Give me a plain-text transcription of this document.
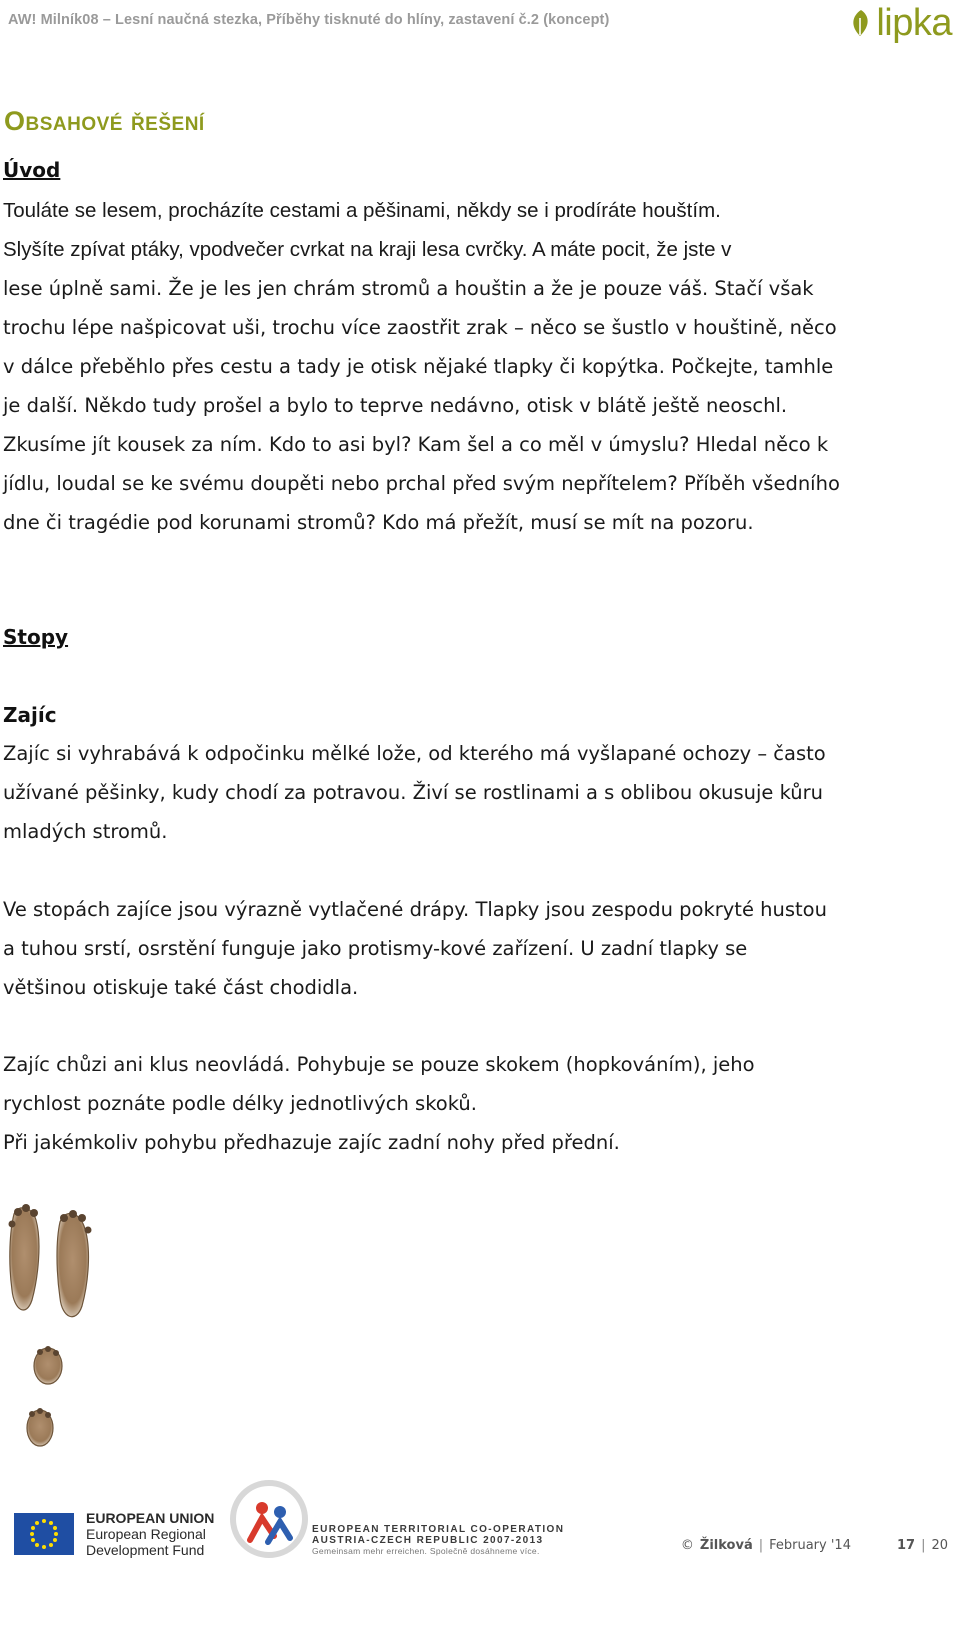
AW! Milník08 – Lesní naučná stezka, Příběhy tisknuté do hlíny, zastavení č.2 (koncept)	lipka
Obsahové řešení
Úvod
Touláte se lesem, procházíte cestami a pěšinami, někdy se i prodíráte houštím.
Slyšíte zpívat ptáky, vpodvečer cvrkat na kraji lesa cvrčky. A máte pocit, že jste v
lese úplně sami. Že je les jen chrám stromů a houštin a že je pouze váš. Stačí však
trochu lépe našpicovat uši, trochu více zaostřit zrak – něco se šustlo v houštině, něco
v dálce přeběhlo přes cestu a tady je otisk nějaké tlapky či kopýtka. Počkejte, tamhle
je další. Někdo tudy prošel a bylo to teprve nedávno, otisk v blátě ještě neoschl.
Zkusíme jít kousek za ním. Kdo to asi byl? Kam šel a co měl v úmyslu? Hledal něco k
jídlu, loudal se ke svému doupěti nebo prchal před svým nepřítelem? Příběh všedního
dne či tragédie pod korunami stromů? Kdo má přežít, musí se mít na pozoru.
Stopy
Zajíc
Zajíc si vyhrabává k odpočinku mělké lože, od kterého má vyšlapané ochozy – často
užívané pěšinky, kudy chodí za potravou. Živí se rostlinami a s oblibou okusuje kůru
mladých stromů.
Ve stopách zajíce jsou výrazně vytlačené drápy. Tlapky jsou zespodu pokryté hustou
a tuhou srstí, osrstění funguje jako protismy-kové zařízení. U zadní tlapky se
většinou otiskuje také část chodidla.
Zajíc chůzi ani klus neovládá. Pohybuje se pouze skokem (hopkováním), jeho
rychlost poznáte podle délky jednotlivých skoků.
Při jakémkoliv pohybu předhazuje zajíc zadní nohy před přední.
EUROPEAN UNION
European Regional
Development Fund
EUROPEAN TERRITORIAL CO-OPERATION
AUSTRIA-CZECH REPUBLIC 2007-2013
Gemeinsam mehr erreichen. Společně dosáhneme více.	© Žilková | February '14	17 | 20
